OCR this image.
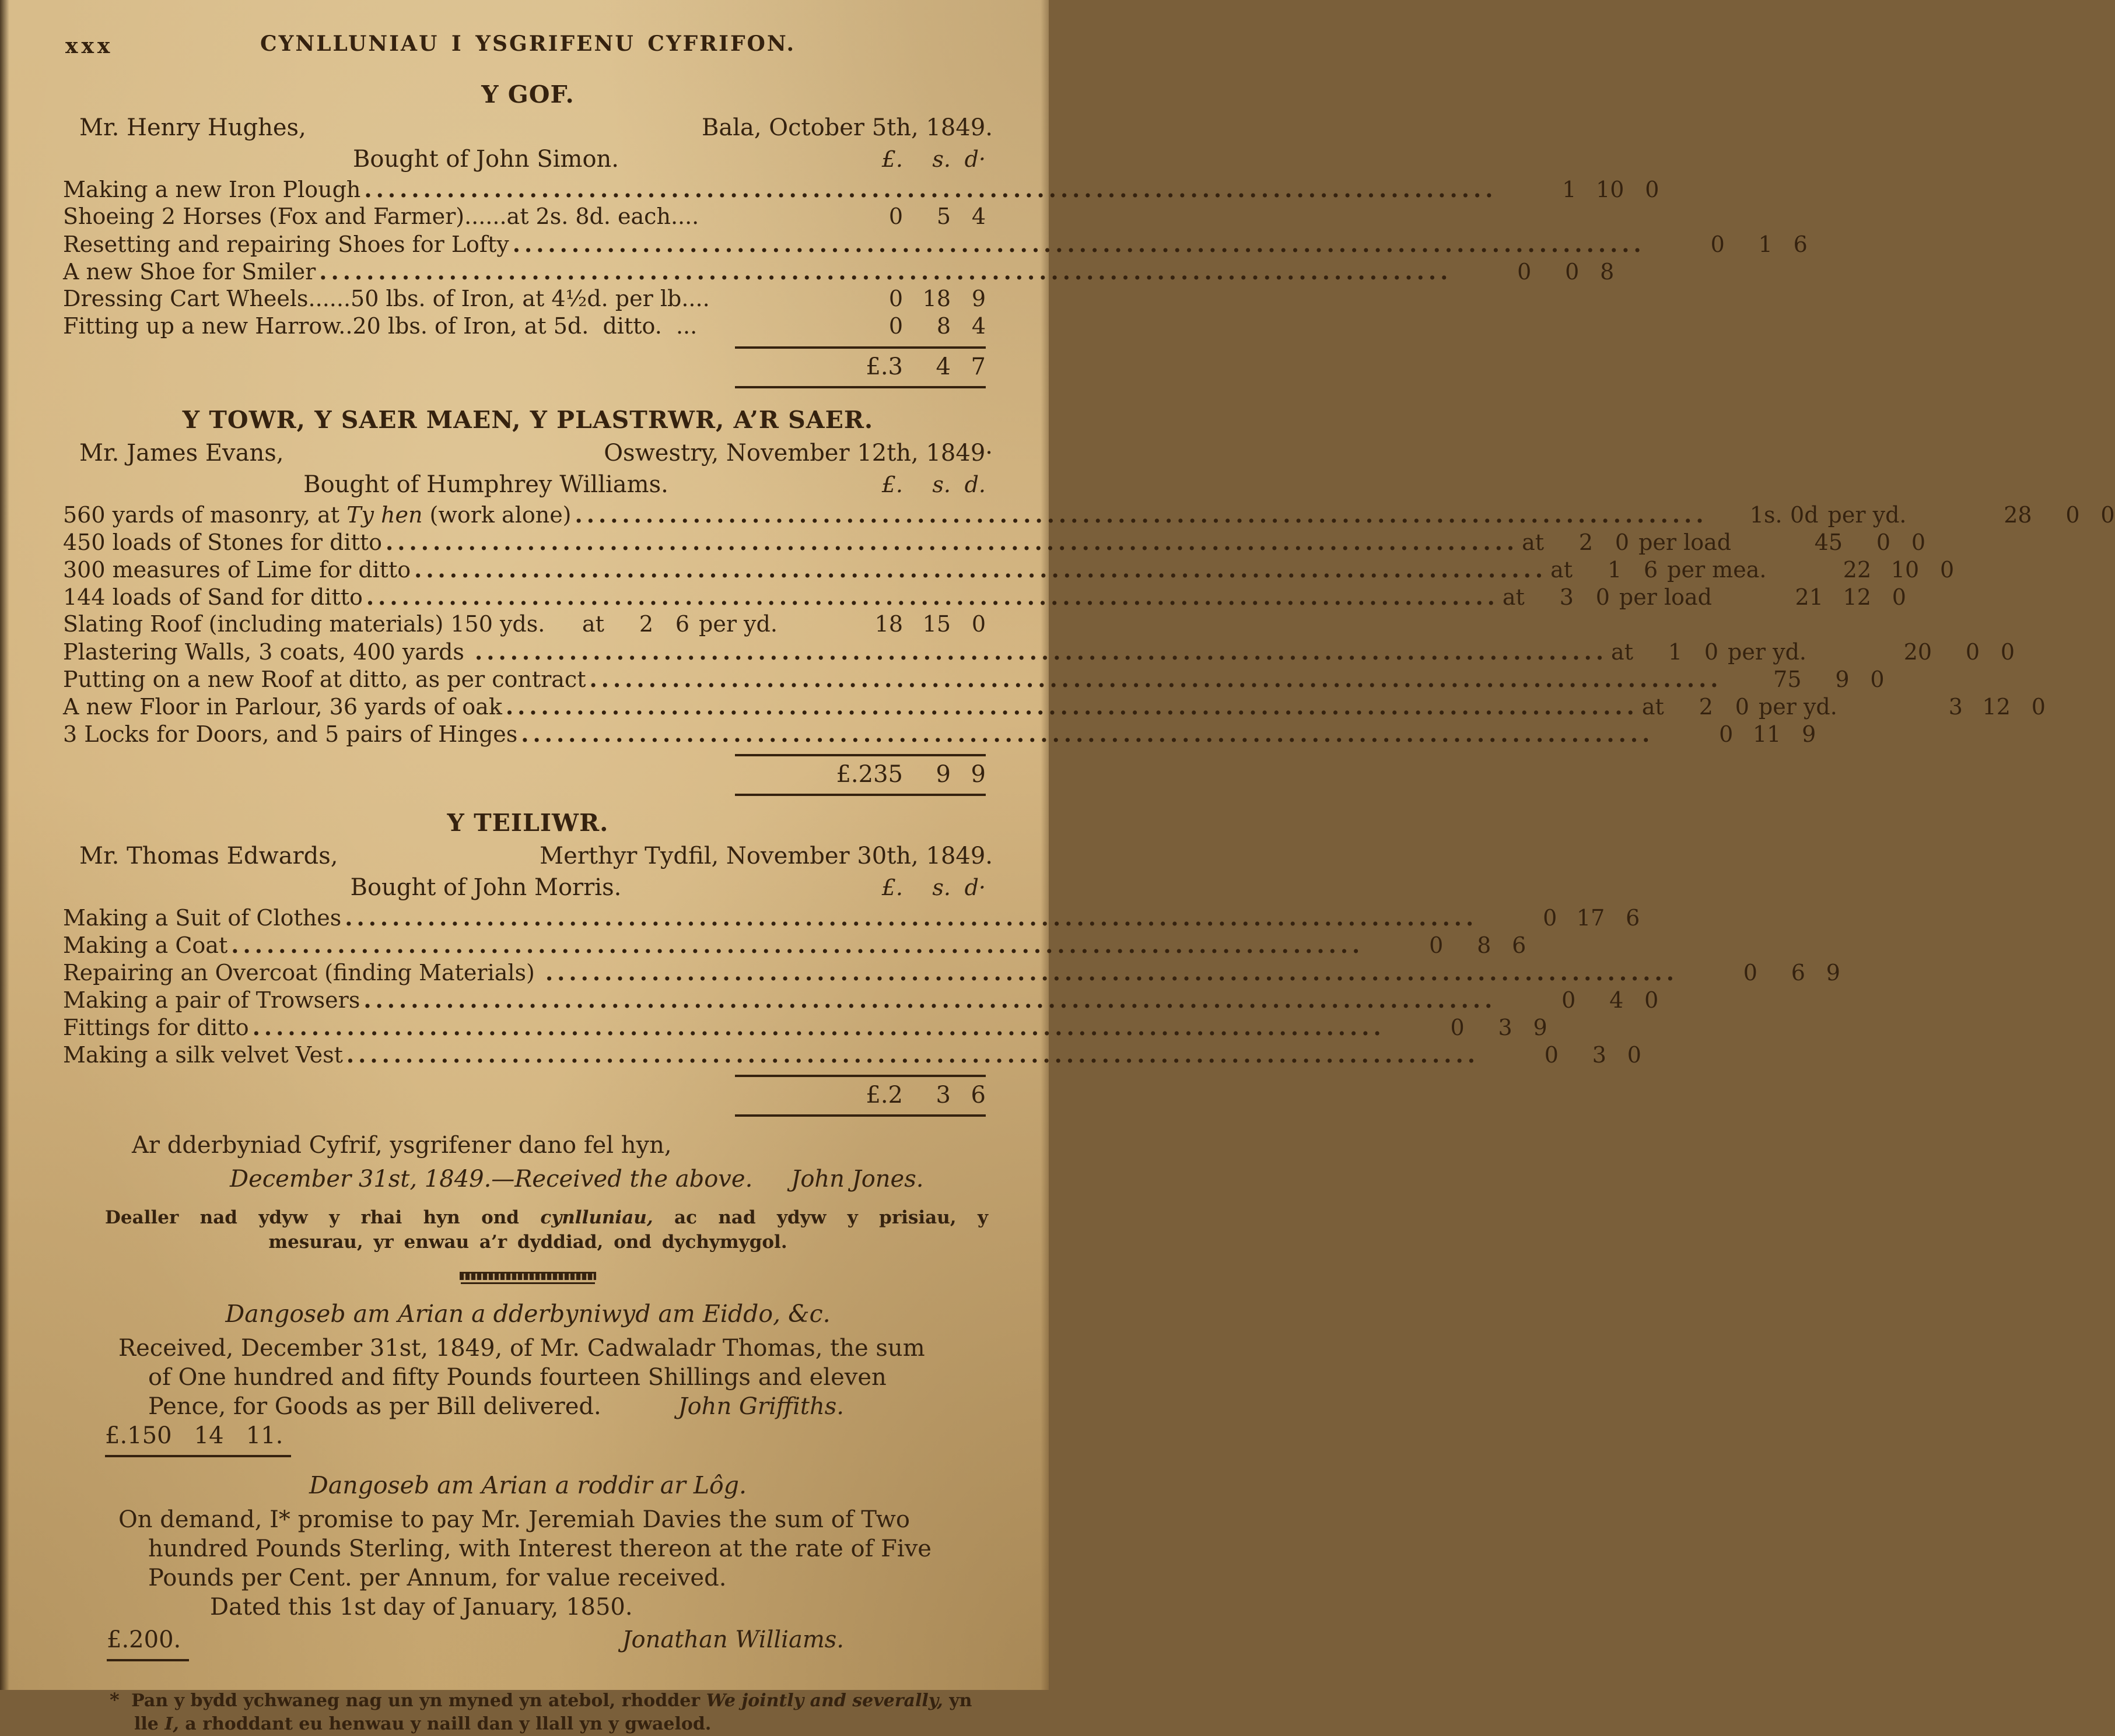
xxx	CYNLLUNIAU I YSGRIFENU CYFRIFON.
Y GOF.
Mr. Henry Hughes,	Bala, October 5th, 1849.
Bought of John Simon.	£.	s. d·
Making a new Iron Plough .....	1 10 0
Shoeing 2 Horses (Fox and Farmer)......at 2s. 8d. each....	0	5 4
Resetting and repairing Shoes for Lofty .....	0	1 6
A new Shoe for Smiler .....	0	0 8
Dressing Cart Wheels......50 lbs. of Iron, at 4½d. per lb....	0 18 9
Fitting up a new Harrow..20 lbs. of Iron, at 5d.  ditto.  ...	0	8 4
£.3	4 7
Y TOWR, Y SAER MAEN, Y PLASTRWR, A’R SAER.
Mr. James Evans,	Oswestry, November 12th, 1849·
Bought of Humphrey Williams.	£.	s. d.
560 yards of masonry, at Ty hen (work alone) .....	1s. 0d per yd.	28	0 0
450 loads of Stones for ditto .....	at	2 0 per load	45	0 0
300 measures of Lime for ditto .....	at	1 6 per mea.	22 10 0
144 loads of Sand for ditto .....	at	3 0 per load	21 12 0
Slating Roof (including materials) 150 yds. at	2 6 per yd.	18 15 0
Plastering Walls, 3 coats, 400 yards .....	at	1 0 per yd.	20	0 0
Putting on a new Roof at ditto, as per contract .....	75	9 0
A new Floor in Parlour, 36 yards of oak .....	at	2 0 per yd.	3 12 0
3 Locks for Doors, and 5 pairs of Hinges .....	0 11 9
£.235	9 9
Y TEILIWR.
Mr. Thomas Edwards,	Merthyr Tydfil, November 30th, 1849.
Bought of John Morris.	£.	s. d·
Making a Suit of Clothes .....	0 17 6
Making a Coat .....	0	8 6
Repairing an Overcoat (finding Materials) .....	0	6 9
Making a pair of Trowsers .....	0	4 0
Fittings for ditto .....	0	3 9
Making a silk velvet Vest .....	0	3 0
£.2	3 6
Ar dderbyniad Cyfrif, ysgrifener dano fel hyn,
December 31st, 1849.—Received the above. John Jones.
Dealler nad ydyw y rhai hyn ond cynlluniau, ac nad ydyw y prisiau, y
mesurau, yr enwau a’r dyddiad, ond dychymygol.
Dangoseb am Arian a dderbyniwyd am Eiddo, &c.
Received, December 31st, 1849, of Mr. Cadwaladr Thomas, the sum
of One hundred and fifty Pounds fourteen Shillings and eleven
Pence, for Goods as per Bill delivered.	John Griffiths.
£.150   14   11.
Dangoseb am Arian a roddir ar Lôg.
On demand, I* promise to pay Mr. Jeremiah Davies the sum of Two
hundred Pounds Sterling, with Interest thereon at the rate of Five
Pounds per Cent. per Annum, for value received.
Dated this 1st day of January, 1850.
£.200.	Jonathan Williams.
* Pan y bydd ychwaneg nag un yn myned yn atebol, rhodder We jointly and severally, yn lle I, a rhoddant eu henwau y naill dan y llall yn y gwaelod.
